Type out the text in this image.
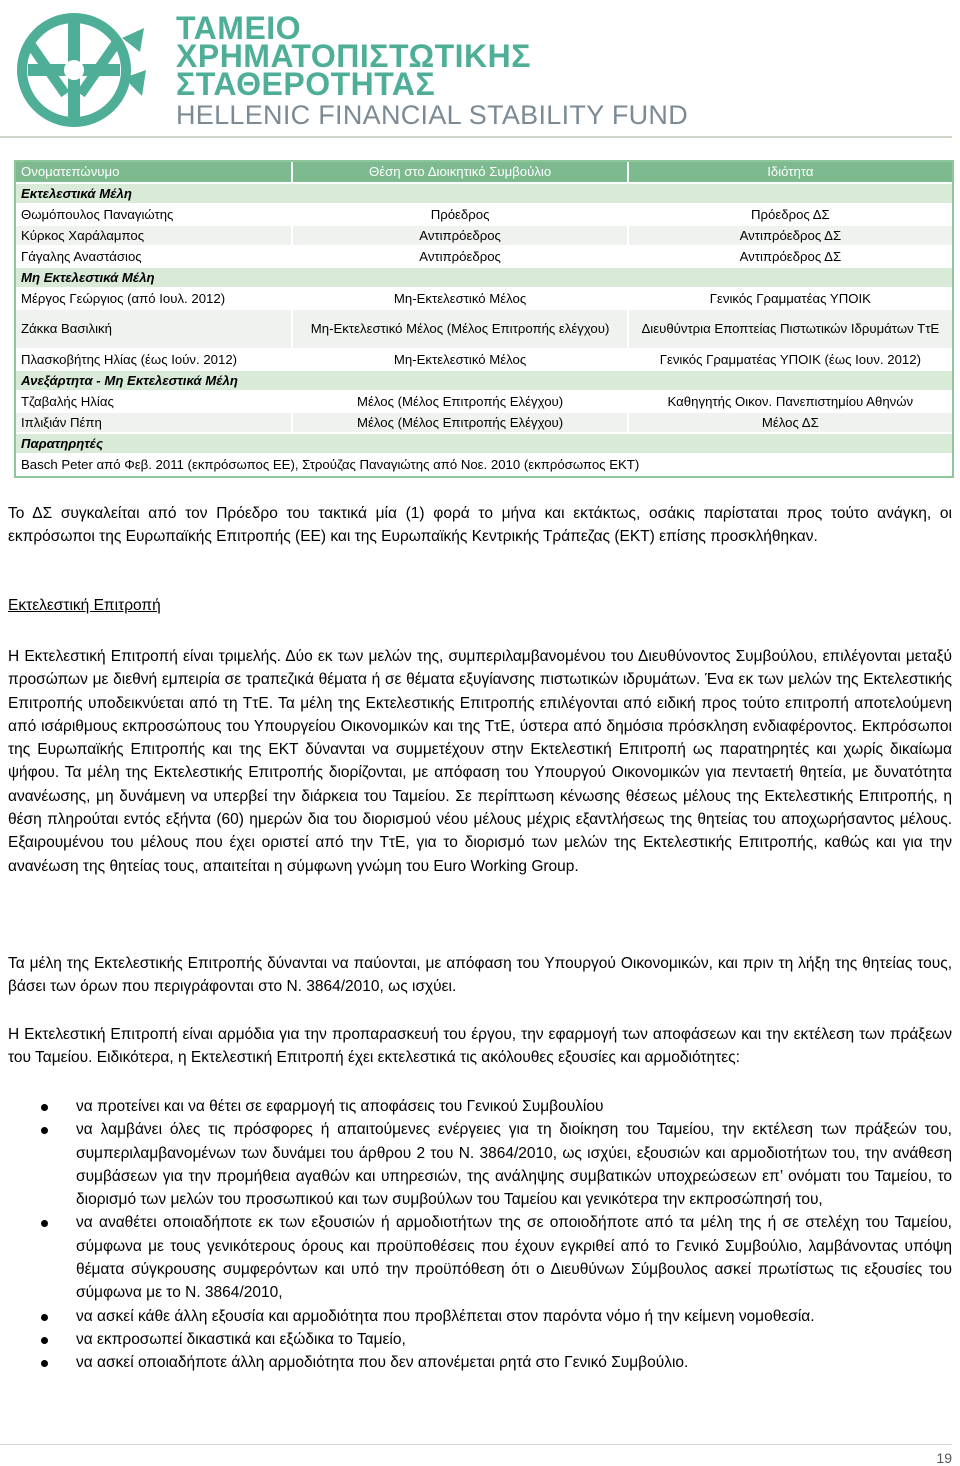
ΤΑΜΕΙΟ
ΧΡΗΜΑΤΟΠΙΣΤΩΤΙΚΗΣ
ΣΤΑΘΕΡΟΤΗΤΑΣ
HELLENIC FINANCIAL STABILITY FUND
Ονοματεπώνυμο	Θέση στο Διοικητικό Συμβούλιο	Ιδιότητα
Εκτελεστικά Μέλη		
Θωμόπουλος Παναγιώτης	Πρόεδρος	Πρόεδρος ΔΣ
Κύρκος Χαράλαμπος	Αντιπρόεδρος	Αντιπρόεδρος ΔΣ
Γάγαλης Αναστάσιος	Αντιπρόεδρος	Αντιπρόεδρος ΔΣ
Μη Εκτελεστικά Μέλη		
Μέργος Γεώργιος (από Ιουλ. 2012)	Μη-Εκτελεστικό Μέλος	Γενικός Γραμματέας ΥΠΟΙΚ
Ζάκκα Βασιλική	Μη-Εκτελεστικό Μέλος (Μέλος Επιτροπής ελέγχου)	Διευθύντρια Εποπτείας Πιστωτικών Ιδρυμάτων ΤτΕ
Πλασκοβήτης Ηλίας (έως Ιούν. 2012)	Μη-Εκτελεστικό Μέλος	Γενικός Γραμματέας ΥΠΟΙΚ (έως Ιουν. 2012)
Ανεξάρτητα - Μη Εκτελεστικά Μέλη		
Τζαβαλής Ηλίας	Μέλος (Μέλος Επιτροπής Ελέγχου)	Καθηγητής Οικον. Πανεπιστημίου Αθηνών
Ιπλιξιάν Πέπη	Μέλος (Μέλος Επιτροπής Ελέγχου)	Μέλος ΔΣ
Παρατηρητές		
Basch Peter από Φεβ. 2011 (εκπρόσωπος ΕΕ), Στρούζας Παναγιώτης από Νοε. 2010 (εκπρόσωπος ΕΚΤ)		
Το ΔΣ συγκαλείται από τον Πρόεδρο του τακτικά μία (1) φορά το μήνα και εκτάκτως, οσάκις παρίσταται προς τούτο ανάγκη, οι εκπρόσωποι της Ευρωπαϊκής Επιτροπής (ΕΕ) και της Ευρωπαϊκής Κεντρικής Τράπεζας (ΕΚΤ) επίσης προσκλήθηκαν.
Εκτελεστική Επιτροπή
Η Εκτελεστική Επιτροπή είναι τριμελής. Δύο εκ των μελών της, συμπεριλαμβανομένου του Διευθύνοντος Συμβούλου, επιλέγονται μεταξύ προσώπων με διεθνή εμπειρία σε τραπεζικά θέματα ή σε θέματα εξυγίανσης πιστωτικών ιδρυμάτων. Ένα εκ των μελών της Εκτελεστικής Επιτροπής υποδεικνύεται από τη ΤτΕ. Τα μέλη της Εκτελεστικής Επιτροπής επιλέγονται από ειδική προς τούτο επιτροπή αποτελούμενη από ισάριθμους εκπροσώπους του Υπουργείου Οικονομικών και της ΤτΕ, ύστερα από δημόσια πρόσκληση ενδιαφέροντος. Εκπρόσωποι της Ευρωπαϊκής Επιτροπής και της ΕΚΤ δύνανται να συμμετέχουν στην Εκτελεστική Επιτροπή ως παρατηρητές και χωρίς δικαίωμα ψήφου. Τα μέλη της Εκτελεστικής Επιτροπής διορίζονται, με απόφαση του Υπουργού Οικονομικών για πενταετή θητεία, με δυνατότητα ανανέωσης, μη δυνάμενη να υπερβεί την διάρκεια του Ταμείου. Σε περίπτωση κένωσης θέσεως μέλους της Εκτελεστικής Επιτροπής, η θέση πληρούται εντός εξήντα (60) ημερών δια του διορισμού νέου μέλους μέχρις εξαντλήσεως της θητείας του αποχωρήσαντος μέλους. Εξαιρουμένου του μέλους που έχει οριστεί από την ΤτΕ, για το διορισμό των μελών της Εκτελεστικής Επιτροπής, καθώς και για την ανανέωση της θητείας τους, απαιτείται η σύμφωνη γνώμη του Euro Working Group.
Τα μέλη της Εκτελεστικής Επιτροπής δύνανται να παύονται, με απόφαση του Υπουργού Οικονομικών, και πριν τη λήξη της θητείας τους, βάσει των όρων που περιγράφονται στο Ν. 3864/2010, ως ισχύει.
Η Εκτελεστική Επιτροπή είναι αρμόδια για την προπαρασκευή του έργου, την εφαρμογή των αποφάσεων και την εκτέλεση των πράξεων του Ταμείου. Ειδικότερα, η Εκτελεστική Επιτροπή έχει εκτελεστικά τις ακόλουθες εξουσίες και αρμοδιότητες:
να προτείνει και να θέτει σε εφαρμογή τις αποφάσεις του Γενικού Συμβουλίου
να λαμβάνει όλες τις πρόσφορες ή απαιτούμενες ενέργειες για τη διοίκηση του Ταμείου, την εκτέλεση των πράξεών του, συμπεριλαμβανομένων των δυνάμει του άρθρου 2 του Ν. 3864/2010, ως ισχύει, εξουσιών και αρμοδιοτήτων του, την ανάθεση συμβάσεων για την προμήθεια αγαθών και υπηρεσιών, της ανάληψης συμβατικών υποχρεώσεων επ’ ονόματι του Ταμείου, το διορισμό των μελών του προσωπικού και των συμβούλων του Ταμείου και γενικότερα την εκπροσώπησή του,
να αναθέτει οποιαδήποτε εκ των εξουσιών ή αρμοδιοτήτων της σε οποιοδήποτε από τα μέλη της ή σε στελέχη του Ταμείου, σύμφωνα με τους γενικότερους όρους και προϋποθέσεις που έχουν εγκριθεί από το Γενικό Συμβούλιο, λαμβάνοντας υπόψη θέματα σύγκρουσης συμφερόντων και υπό την προϋπόθεση ότι ο Διευθύνων Σύμβουλος ασκεί πρωτίστως τις εξουσίες του σύμφωνα με το Ν. 3864/2010,
να ασκεί κάθε άλλη εξουσία και αρμοδιότητα που προβλέπεται στον παρόντα νόμο ή την κείμενη νομοθεσία.
να εκπροσωπεί δικαστικά και εξώδικα το Ταμείο,
να ασκεί οποιαδήποτε άλλη αρμοδιότητα που δεν απονέμεται ρητά στο Γενικό Συμβούλιο.
19
